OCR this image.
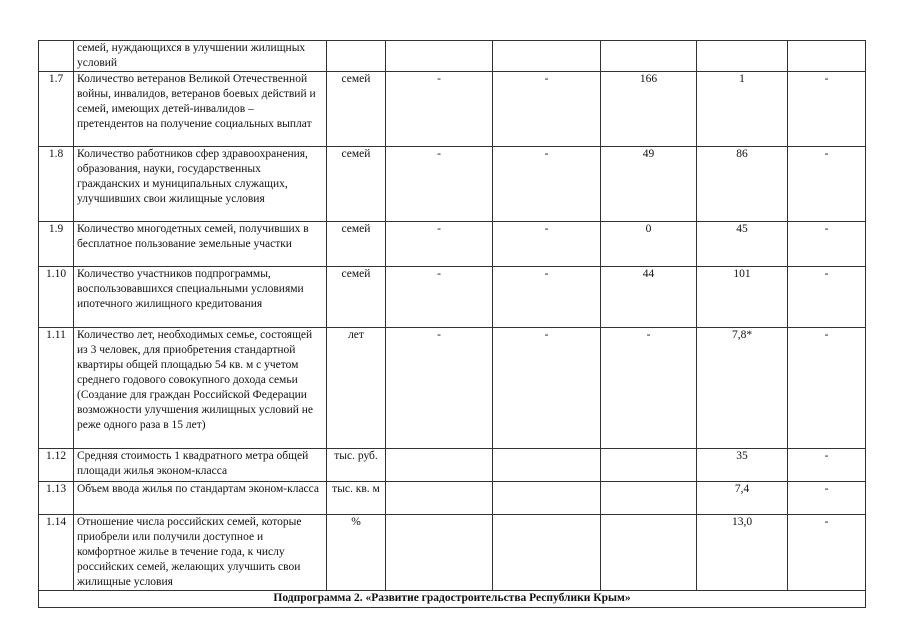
	семей, нуждающихся в улучшении жилищных условий						
1.7	Количество ветеранов Великой Отечественной войны, инвалидов, ветеранов боевых действий и семей, имеющих детей-инвалидов – претендентов на получение социальных выплат	семей	-	-	166	1	-
1.8	Количество работников сфер здравоохранения, образования, науки, государственных гражданских и муниципальных служащих, улучшивших свои жилищные условия	семей	-	-	49	86	-
1.9	Количество многодетных семей, получивших в бесплатное пользование земельные участки	семей	-	-	0	45	-
1.10	Количество участников подпрограммы, воспользовавшихся специальными условиями ипотечного жилищного кредитования	семей	-	-	44	101	-
1.11	Количество лет, необходимых семье, состоящей из 3 человек, для приобретения стандартной квартиры общей площадью 54 кв. м с учетом среднего годового совокупного дохода семьи (Создание для граждан Российской Федерации возможности улучшения жилищных условий не реже одного раза в 15 лет)	лет	-	-	-	7,8*	-
1.12	Средняя стоимость 1 квадратного метра общей площади жилья эконом-класса	тыс. руб.				35	-
1.13	Объем ввода жилья по стандартам эконом-класса	тыс. кв. м				7,4	-
1.14	Отношение числа российских семей, которые приобрели или получили доступное и комфортное жилье в течение года, к числу российских семей, желающих улучшить свои жилищные условия	%				13,0	-
Подпрограмма 2. «Развитие градостроительства Республики Крым»							
